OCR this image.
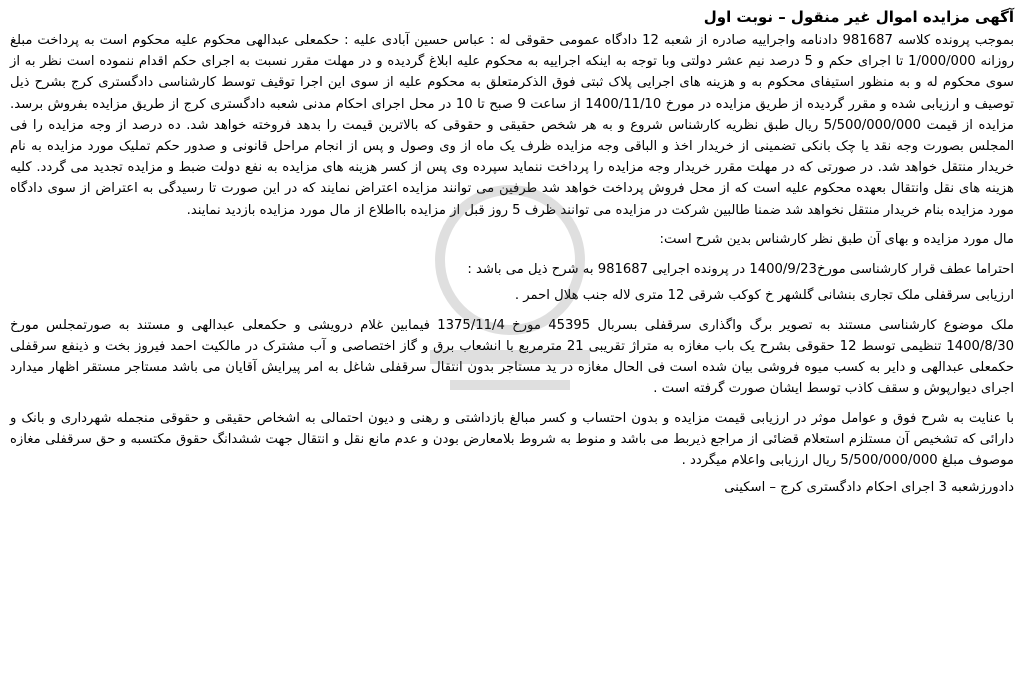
آگهی مزایده اموال غیر منقول – نوبت اول

بموجب پرونده کلاسه 981687 دادنامه واجراییه صادره از شعبه 12 دادگاه عمومی حقوقی له : عباس حسین آبادی علیه : حکمعلی عبدالهی محکوم علیه محکوم است به پرداخت مبلغ روزانه 1/000/000 تا اجرای حکم و 5 درصد نیم عشر دولتی وبا توجه به اینکه اجراییه به محکوم علیه ابلاغ گردیده و در مهلت مقرر نسبت به اجرای حکم اقدام ننموده است نظر به از سوی محکوم له و به منظور استیفای محکوم به و هزینه های اجرایی پلاک ثبتی فوق الذکرمتعلق به محکوم علیه از سوی این اجرا توقیف توسط کارشناسی دادگستری کرج بشرح ذیل توصیف و ارزیابی شده و مقرر گردیده از طریق مزایده در مورخ 1400/11/10 از ساعت 9 صبح تا 10 در محل اجرای احکام مدنی شعبه دادگستری کرج از طریق مزایده بفروش برسد. مزایده از قیمت 5/500/000/000 ریال طبق نظریه کارشناس شروع و به هر شخص حقیقی و حقوقی که بالاترین قیمت را بدهد فروخته خواهد شد. ده درصد از وجه مزایده را فی المجلس بصورت وجه نقد یا چک بانکی تضمینی از خریدار اخذ و الباقی وجه مزایده ظرف یک ماه از وی وصول و پس از انجام مراحل قانونی و صدور حکم تملیک مورد مزایده به نام خریدار منتقل خواهد شد. در صورتی که در مهلت مقرر خریدار وجه مزایده را پرداخت ننماید سپرده وی پس از کسر هزینه های مزایده به نفع دولت ضبط و مزایده تجدید می گردد. کلیه هزینه های نقل وانتقال بعهده محکوم علیه است که از محل فروش پرداخت خواهد شد طرفین می توانند مزایده اعتراض نمایند که در این صورت تا رسیدگی به اعتراض از سوی دادگاه مورد مزایده بنام خریدار منتقل نخواهد شد ضمنا طالبین شرکت در مزایده می توانند ظرف 5 روز قبل از مزایده بااطلاع از مال مورد مزایده بازدید نمایند.

مال مورد مزایده و بهای آن طبق نظر کارشناس بدین شرح است:

احتراما عطف قرار کارشناسی مورخ1400/9/23 در پرونده اجرایی 981687 به شرح ذیل می باشد :

ارزیابی سرقفلی ملک تجاری بنشانی گلشهر خ کوکب شرقی 12 متری لاله جنب هلال احمر .

ملک موضوع کارشناسی مستند به تصویر برگ واگذاری سرقفلی بسربال 45395 مورخ 1375/11/4 فیمابین غلام درویشی و حکمعلی عبدالهی و مستند به صورتمجلس مورخ 1400/8/30 تنظیمی توسط 12 حقوقی بشرح یک باب مغازه به متراژ تقریبی 21 مترمربع با انشعاب برق و گاز اختصاصی و آب مشترک در مالکیت احمد فیروز بخت و ذینفع سرقفلی حکمعلی عبدالهی و دایر به کسب میوه فروشی بیان شده است فی الحال مغازه در ید مستاجر بدون انتقال سرقفلی شاغل به امر پیرایش آقایان می باشد مستاجر مستقر اظهار میدارد اجرای دیوارپوش و سقف کاذب توسط ایشان صورت گرفته است .

با عنایت به شرح فوق و عوامل موثر در ارزیابی قیمت مزایده و بدون احتساب و کسر مبالغ بازداشتی و رهنی و دیون احتمالی به اشخاص حقیقی و حقوقی منجمله شهرداری و بانک و دارائی که تشخیص آن مستلزم استعلام قضائی از مراجع ذیربط می باشد و منوط به شروط بلامعارض بودن و عدم مانع نقل و انتقال جهت ششدانگ حقوق مکتسبه و حق سرقفلی مغازه موصوف مبلغ 5/500/000/000 ریال ارزیابی واعلام میگردد .

دادورزشعبه 3 اجرای احکام دادگستری کرج – اسکینی
